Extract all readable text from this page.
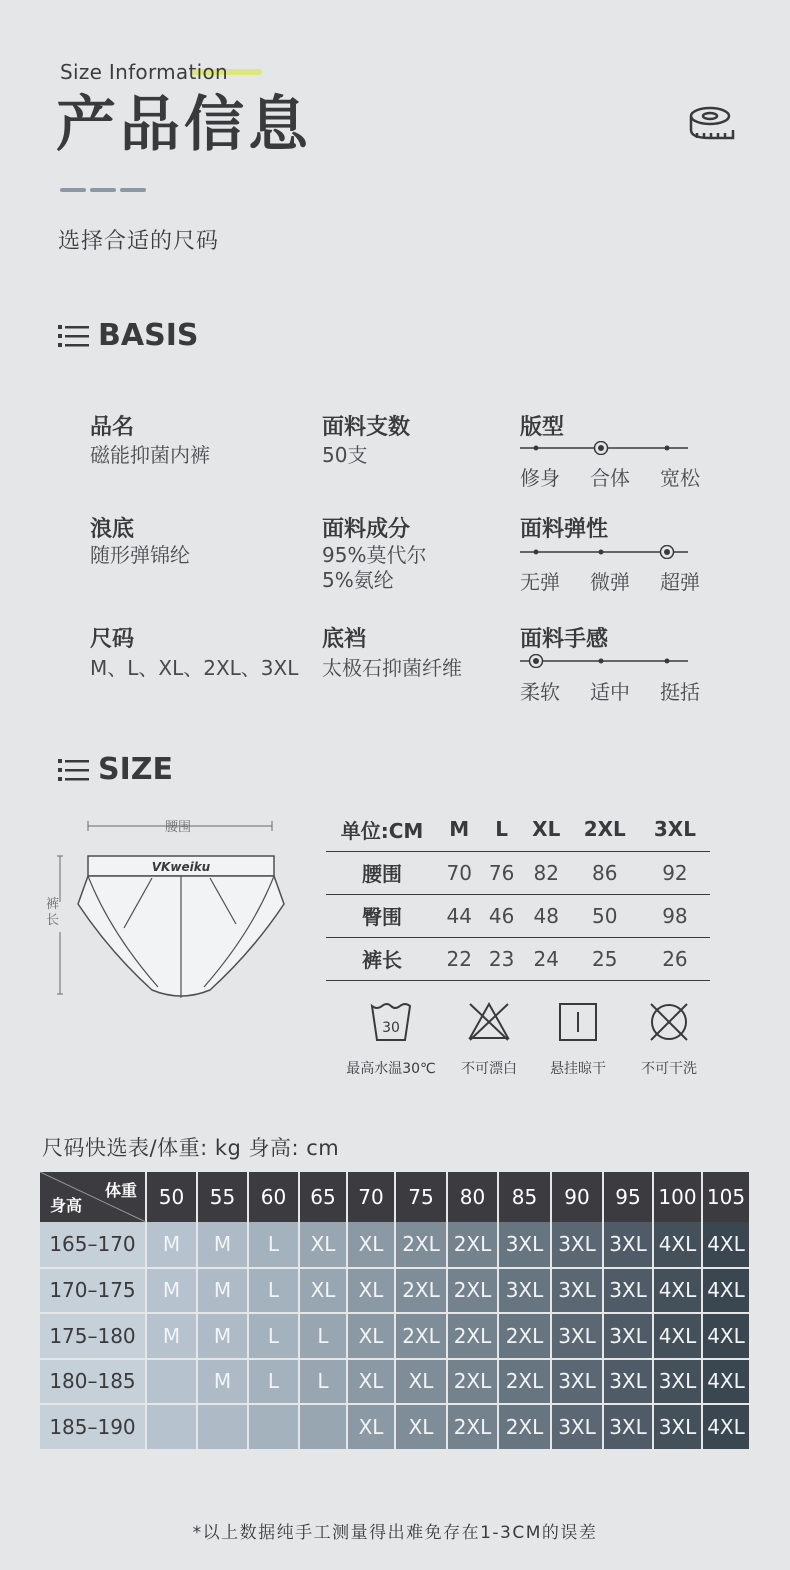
Size Information
产品信息
选择合适的尺码
BASIS
品名
磁能抑菌内裤
浪底
随形弹锦纶
尺码
M、L、XL、2XL、3XL
面料支数
50支
面料成分
95%莫代尔
5%氨纶
底裆
太极石抑菌纤维
版型
修身 合体 宽松
面料弹性
无弹 微弹 超弹
面料手感
柔软 适中 挺括
SIZE
腰围
裤长
VKweiku
单位:CM	M	L	XL	2XL	3XL
腰围	70	76	82	86	92
臀围	44	46	48	50	98
裤长	22	23	24	25	26
30
最高水温30℃	不可漂白	悬挂晾干	不可干洗
尺码快选表/体重: kg 身高: cm
体重
身高	50	55	60	65	70	75	80	85	90	95	100	105
165–170	M	M	L	XL	XL	2XL	2XL	3XL	3XL	3XL	4XL	4XL
170–175	M	M	L	XL	XL	2XL	2XL	3XL	3XL	3XL	4XL	4XL
175–180	M	M	L	L	XL	2XL	2XL	2XL	3XL	3XL	4XL	4XL
180–185		M	L	L	XL	XL	2XL	2XL	3XL	3XL	3XL	4XL
185–190					XL	XL	2XL	2XL	3XL	3XL	3XL	4XL
*以上数据纯手工测量得出难免存在1-3CM的误差
